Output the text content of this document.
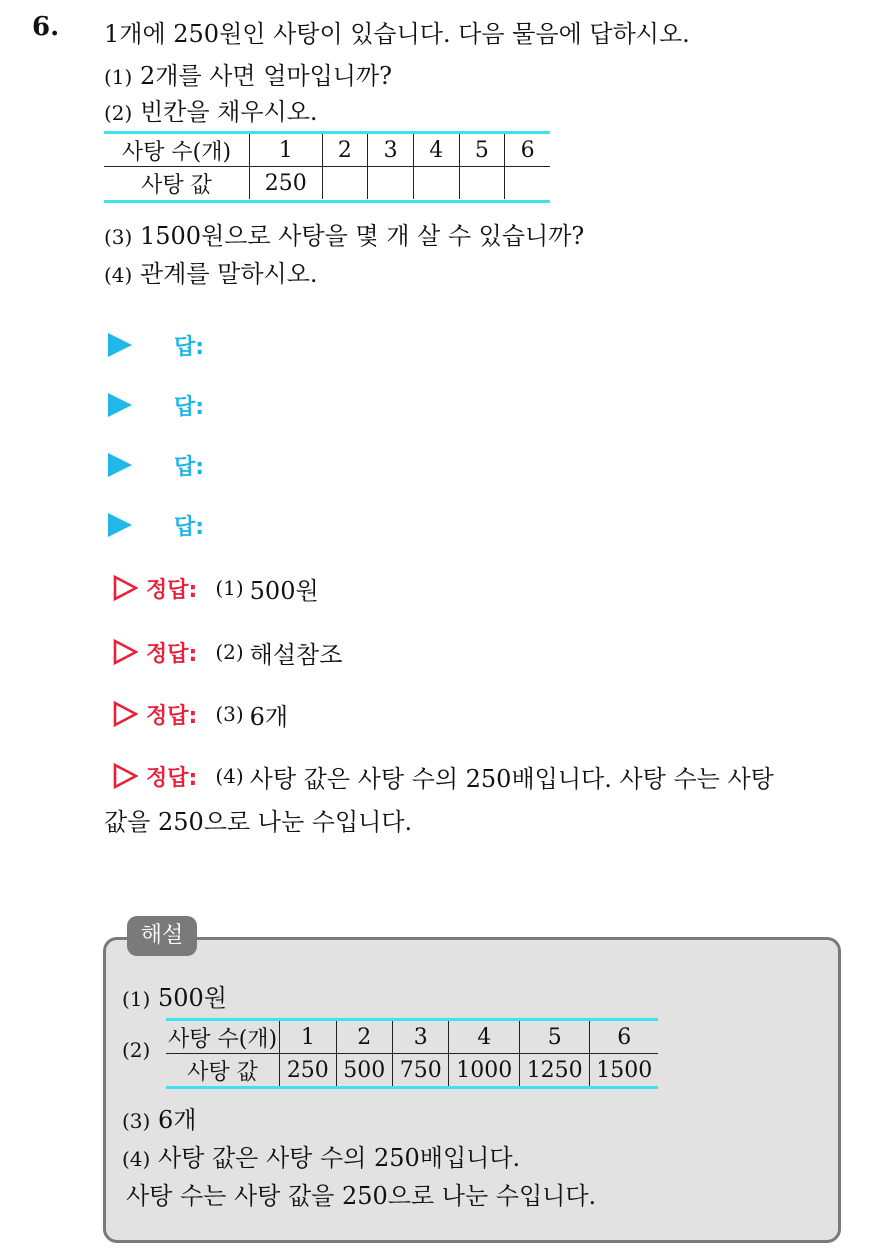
6. 1개에 250원인 사탕이 있습니다. 다음 물음에 답하시오.
(1) 2개를 사면 얼마입니까?
(2) 빈칸을 채우시오.
사탕 수(개)	1	2	3	4	5	6
사탕 값	250					
(3) 1500원으로 사탕을 몇 개 살 수 있습니까?
(4) 관계를 말하시오.
답:
답:
답:
답:
정답: (1) 500원
정답: (2) 해설참조
정답: (3) 6개
정답: (4) 사탕 값은 사탕 수의 250배입니다. 사탕 수는 사탕
값을 250으로 나눈 수입니다.
해설
(1) 500원
(2) 사탕 수(개)	1	2	3	4	5	6
사탕 값	250	500	750	1000	1250	1500
(3) 6개
(4) 사탕 값은 사탕 수의 250배입니다.
사탕 수는 사탕 값을 250으로 나눈 수입니다.
